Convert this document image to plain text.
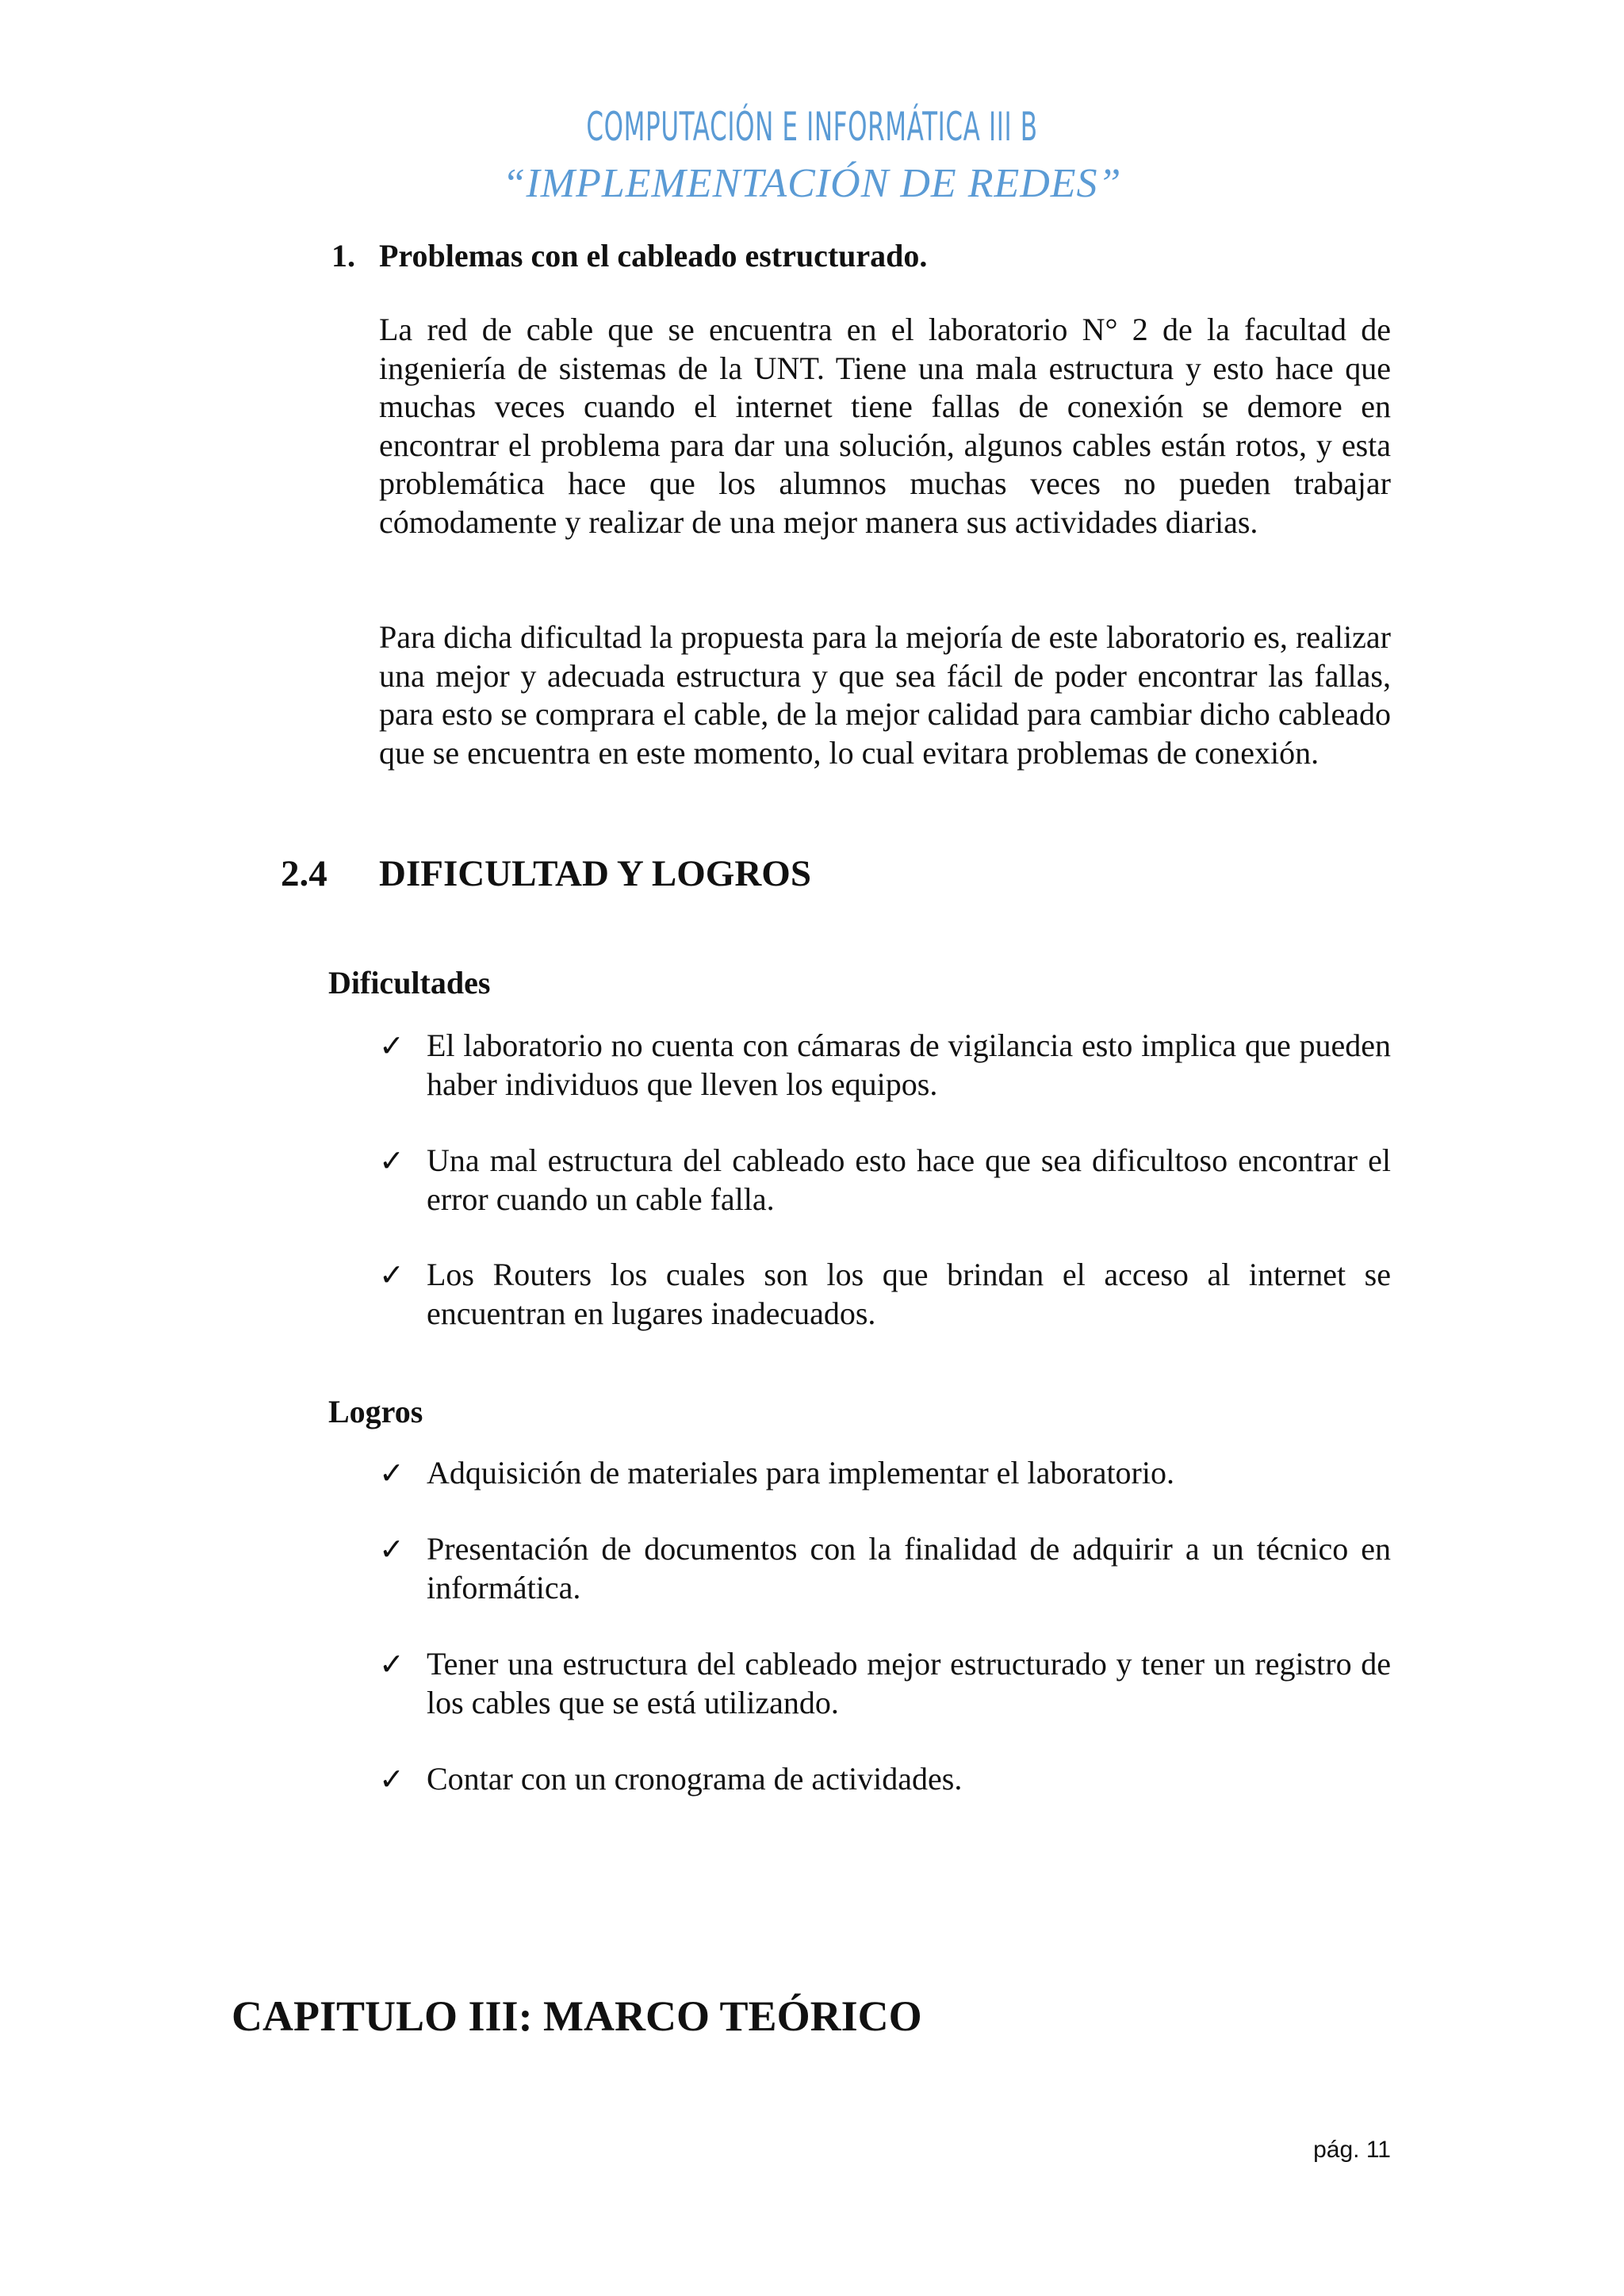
COMPUTACIÓN E INFORMÁTICA III B
“IMPLEMENTACIÓN DE REDES”
1. Problemas con el cableado estructurado.

La red de cable que se encuentra en el laboratorio N° 2 de la facultad de ingeniería de sistemas de la UNT. Tiene una mala estructura y esto hace que muchas veces cuando el internet tiene fallas de conexión se demore en encontrar el problema para dar una solución, algunos cables están rotos, y esta problemática hace que los alumnos muchas veces no pueden trabajar cómodamente y realizar de una mejor manera sus actividades diarias.

Para dicha dificultad la propuesta para la mejoría de este laboratorio es, realizar una mejor y adecuada estructura y que sea fácil de poder encontrar las fallas, para esto se comprara el cable, de la mejor calidad para cambiar dicho cableado que se encuentra en este momento, lo cual evitara problemas de conexión.

2.4 DIFICULTAD Y LOGROS
Dificultades
✓ El laboratorio no cuenta con cámaras de vigilancia esto implica que pueden haber individuos que lleven los equipos.
✓ Una mal estructura del cableado esto hace que sea dificultoso encontrar el error cuando un cable falla.
✓ Los Routers los cuales son los que brindan el acceso al internet se encuentran en lugares inadecuados.
Logros
✓ Adquisición de materiales para implementar el laboratorio.
✓ Presentación de documentos con la finalidad de adquirir a un técnico en informática.
✓ Tener una estructura del cableado mejor estructurado y tener un registro de los cables que se está utilizando.
✓ Contar con un cronograma de actividades.
CAPITULO III: MARCO TEÓRICO
pág. 11
